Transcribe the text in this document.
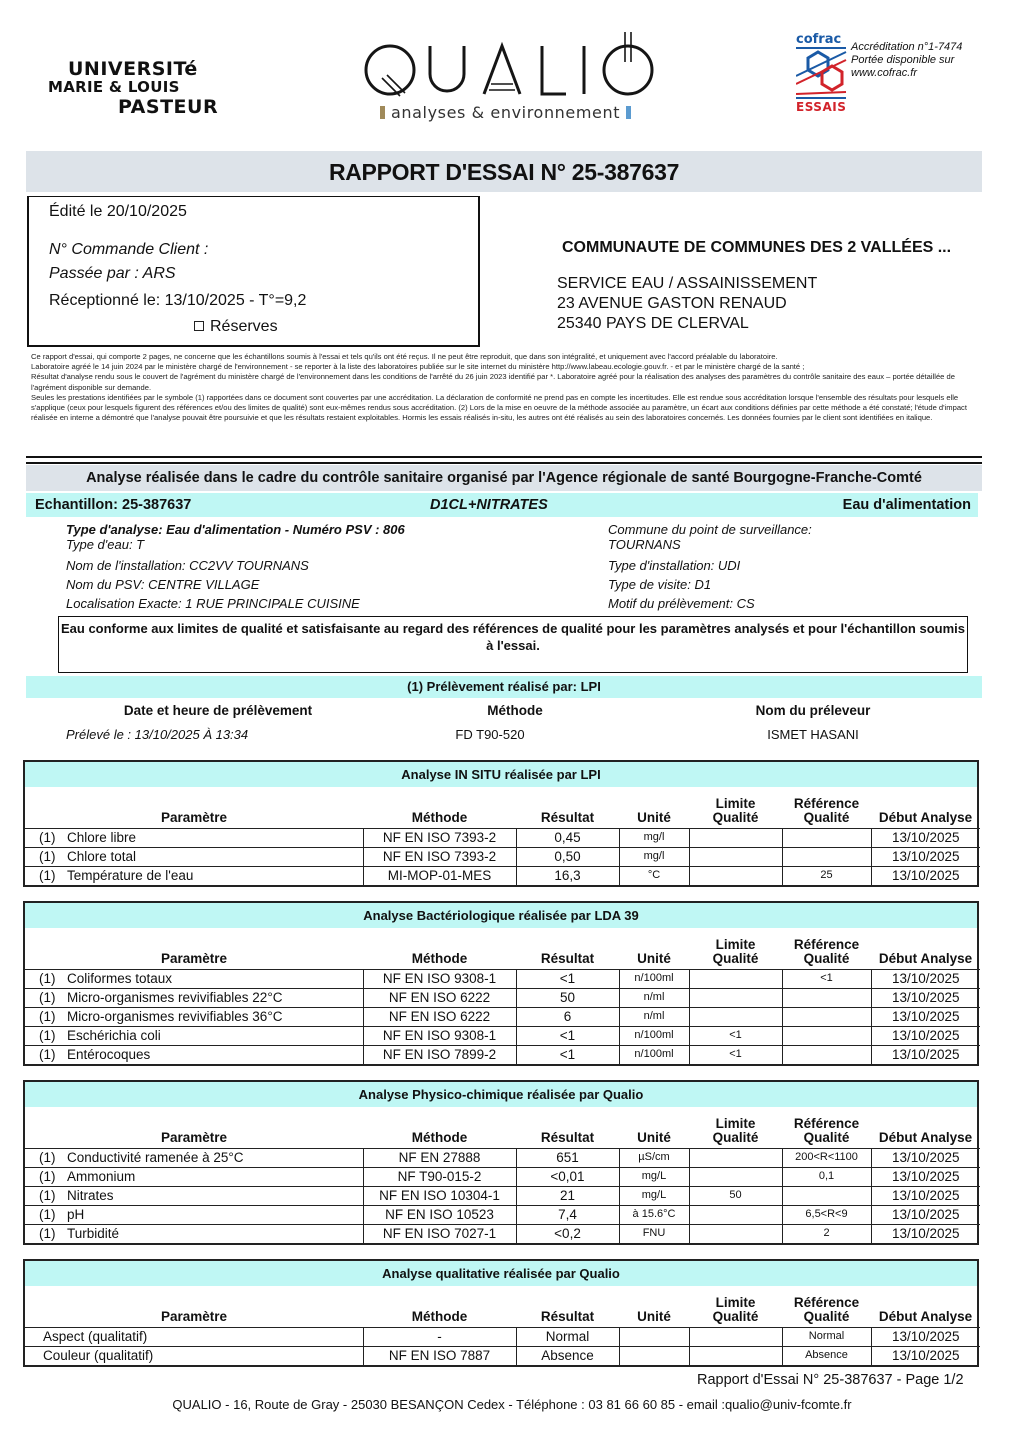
UNIVERSITé
MARIE & LOUIS
PASTEUR	analyses & environnement
cofrac
ESSAIS
Accréditation n°1-7474
Portée disponible sur
www.cofrac.fr
RAPPORT D'ESSAI N° 25-387637
Édité le 20/10/2025
N° Commande Client :
Passée par : ARS
Réceptionné le: 13/10/2025 - T°=9,2
Réserves
COMMUNAUTE DE COMMUNES DES 2 VALLÉES ...
SERVICE EAU / ASSAINISSEMENT
23 AVENUE GASTON RENAUD
25340 PAYS DE CLERVAL
Ce rapport d'essai, qui comporte 2 pages, ne concerne que les échantillons soumis à l'essai et tels qu'ils ont été reçus. Il ne peut être reproduit, que dans son intégralité, et uniquement avec l'accord préalable du laboratoire.
Laboratoire agréé le 14 juin 2024 par le ministère chargé de l'environnement - se reporter à la liste des laboratoires publiée sur le site internet du ministère http://www.labeau.ecologie.gouv.fr. - et par le ministère chargé de la santé ;
Résultat d'analyse rendu sous le couvert de l'agrément du ministère chargé de l'environnement dans les conditions de l'arrêté du 26 juin 2023 identifié par *. Laboratoire agréé pour la réalisation des analyses des paramètres du contrôle sanitaire des eaux – portée détaillée de l'agrément disponible sur demande.
Seules les prestations identifiées par le symbole (1) rapportées dans ce document sont couvertes par une accréditation. La déclaration de conformité ne prend pas en compte les incertitudes. Elle est rendue sous accréditation lorsque l'ensemble des résultats pour lesquels elle s'applique (ceux pour lesquels figurent des références et/ou des limites de qualité) sont eux-mêmes rendus sous accréditation. (2) Lors de la mise en oeuvre de la méthode associée au paramètre, un écart aux conditions définies par cette méthode a été constaté; l'étude d'impact réalisée en interne a démontré que l'analyse pouvait être poursuivie et que les résultats restaient exploitables. Hormis les essais réalisés in-situ, les autres ont été réalisés au sein des laboratoires concernés. Les données fournies par le client sont identifiées en italique.
Analyse réalisée dans le cadre du contrôle sanitaire organisé par l'Agence régionale de santé Bourgogne-Franche-Comté
Echantillon: 25-387637	D1CL+NITRATES	Eau d'alimentation
Type d'analyse: Eau d'alimentation - Numéro PSV : 806
Type d'eau: T
Nom de l'installation: CC2VV TOURNANS
Nom du PSV: CENTRE VILLAGE
Localisation Exacte: 1 RUE PRINCIPALE CUISINE
Commune du point de surveillance:
TOURNANS
Type d'installation: UDI
Type de visite: D1
Motif du prélèvement: CS
Eau conforme aux limites de qualité et satisfaisante au regard des références de qualité pour les paramètres analysés et pour l'échantillon soumis à l'essai.
(1) Prélèvement réalisé par: LPI
Date et heure de prélèvement	Méthode	Nom du préleveur
Prélevé le : 13/10/2025 À 13:34	FD T90-520	ISMET HASANI
Analyse IN SITU réalisée par LPI
Paramètre	Méthode	Résultat	Unité	
Limite
Qualité

Référence
Qualité	Début Analyse
(1) Chlore libre	NF EN ISO 7393-2	0,45	mg/l			13/10/2025
(1) Chlore total	NF EN ISO 7393-2	0,50	mg/l			13/10/2025
(1) Température de l'eau	MI-MOP-01-MES	16,3	°C		25	13/10/2025
Analyse Bactériologique réalisée par LDA 39
Paramètre	Méthode	Résultat	Unité	
Limite
Qualité

Référence
Qualité	Début Analyse
(1) Coliformes totaux	NF EN ISO 9308-1	<1	n/100ml		<1	13/10/2025
(1) Micro-organismes revivifiables 22°C	NF EN ISO 6222	50	n/ml			13/10/2025
(1) Micro-organismes revivifiables 36°C	NF EN ISO 6222	6	n/ml			13/10/2025
(1) Eschérichia coli	NF EN ISO 9308-1	<1	n/100ml	<1		13/10/2025
(1) Entérocoques	NF EN ISO 7899-2	<1	n/100ml	<1		13/10/2025
Analyse Physico-chimique réalisée par Qualio
Paramètre	Méthode	Résultat	Unité	
Limite
Qualité

Référence
Qualité	Début Analyse
(1) Conductivité ramenée à 25°C	NF EN 27888	651	µS/cm		200<R<1100	13/10/2025
(1) Ammonium	NF T90-015-2	<0,01	mg/L		0,1	13/10/2025
(1) Nitrates	NF EN ISO 10304-1	21	mg/L	50		13/10/2025
(1) pH	NF EN ISO 10523	7,4	à 15.6°C		6,5<R<9	13/10/2025
(1) Turbidité	NF EN ISO 7027-1	<0,2	FNU		2	13/10/2025
Analyse qualitative réalisée par Qualio
Paramètre	Méthode	Résultat	Unité	
Limite
Qualité

Référence
Qualité	Début Analyse
Aspect (qualitatif)	-	Normal			Normal	13/10/2025
Couleur (qualitatif)	NF EN ISO 7887	Absence			Absence	13/10/2025
Rapport d'Essai N° 25-387637 - Page 1/2
QUALIO - 16, Route de Gray - 25030 BESANÇON Cedex - Téléphone : 03 81 66 60 85 - email :qualio@univ-fcomte.fr
